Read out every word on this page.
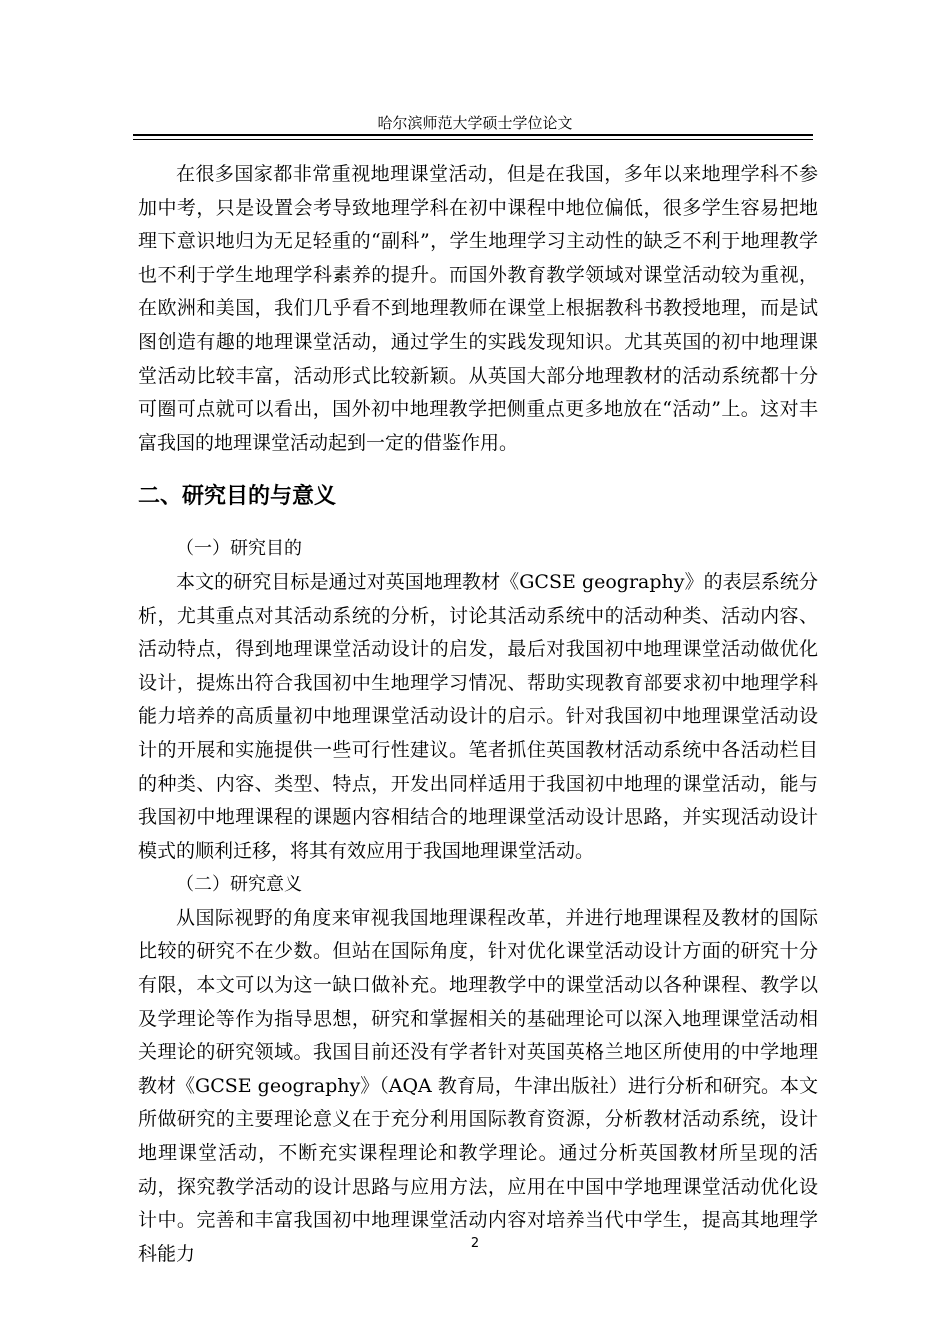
哈尔滨师范大学硕士学位论文

在很多国家都非常重视地理课堂活动，但是在我国，多年以来地理学科不参加中考，只是设置会考导致地理学科在初中课程中地位偏低，很多学生容易把地理下意识地归为无足轻重的“副科”，学生地理学习主动性的缺乏不利于地理教学也不利于学生地理学科素养的提升。而国外教育教学领域对课堂活动较为重视，在欧洲和美国，我们几乎看不到地理教师在课堂上根据教科书教授地理，而是试图创造有趣的地理课堂活动，通过学生的实践发现知识。尤其英国的初中地理课堂活动比较丰富，活动形式比较新颖。从英国大部分地理教材的活动系统都十分可圈可点就可以看出，国外初中地理教学把侧重点更多地放在“活动”上。这对丰富我国的地理课堂活动起到一定的借鉴作用。

二、研究目的与意义

（一）研究目的

本文的研究目标是通过对英国地理教材《GCSE geography》的表层系统分析，尤其重点对其活动系统的分析，讨论其活动系统中的活动种类、活动内容、活动特点，得到地理课堂活动设计的启发，最后对我国初中地理课堂活动做优化设计，提炼出符合我国初中生地理学习情况、帮助实现教育部要求初中地理学科能力培养的高质量初中地理课堂活动设计的启示。针对我国初中地理课堂活动设计的开展和实施提供一些可行性建议。笔者抓住英国教材活动系统中各活动栏目的种类、内容、类型、特点，开发出同样适用于我国初中地理的课堂活动，能与我国初中地理课程的课题内容相结合的地理课堂活动设计思路，并实现活动设计模式的顺利迁移，将其有效应用于我国地理课堂活动。

（二）研究意义

从国际视野的角度来审视我国地理课程改革，并进行地理课程及教材的国际比较的研究不在少数。但站在国际角度，针对优化课堂活动设计方面的研究十分有限，本文可以为这一缺口做补充。地理教学中的课堂活动以各种课程、教学以及学理论等作为指导思想，研究和掌握相关的基础理论可以深入地理课堂活动相关理论的研究领域。我国目前还没有学者针对英国英格兰地区所使用的中学地理教材《GCSE geography》（AQA 教育局，牛津出版社）进行分析和研究。本文所做研究的主要理论意义在于充分利用国际教育资源，分析教材活动系统，设计地理课堂活动，不断充实课程理论和教学理论。通过分析英国教材所呈现的活动，探究教学活动的设计思路与应用方法，应用在中国中学地理课堂活动优化设计中。完善和丰富我国初中地理课堂活动内容对培养当代中学生，提高其地理学科能力	2
